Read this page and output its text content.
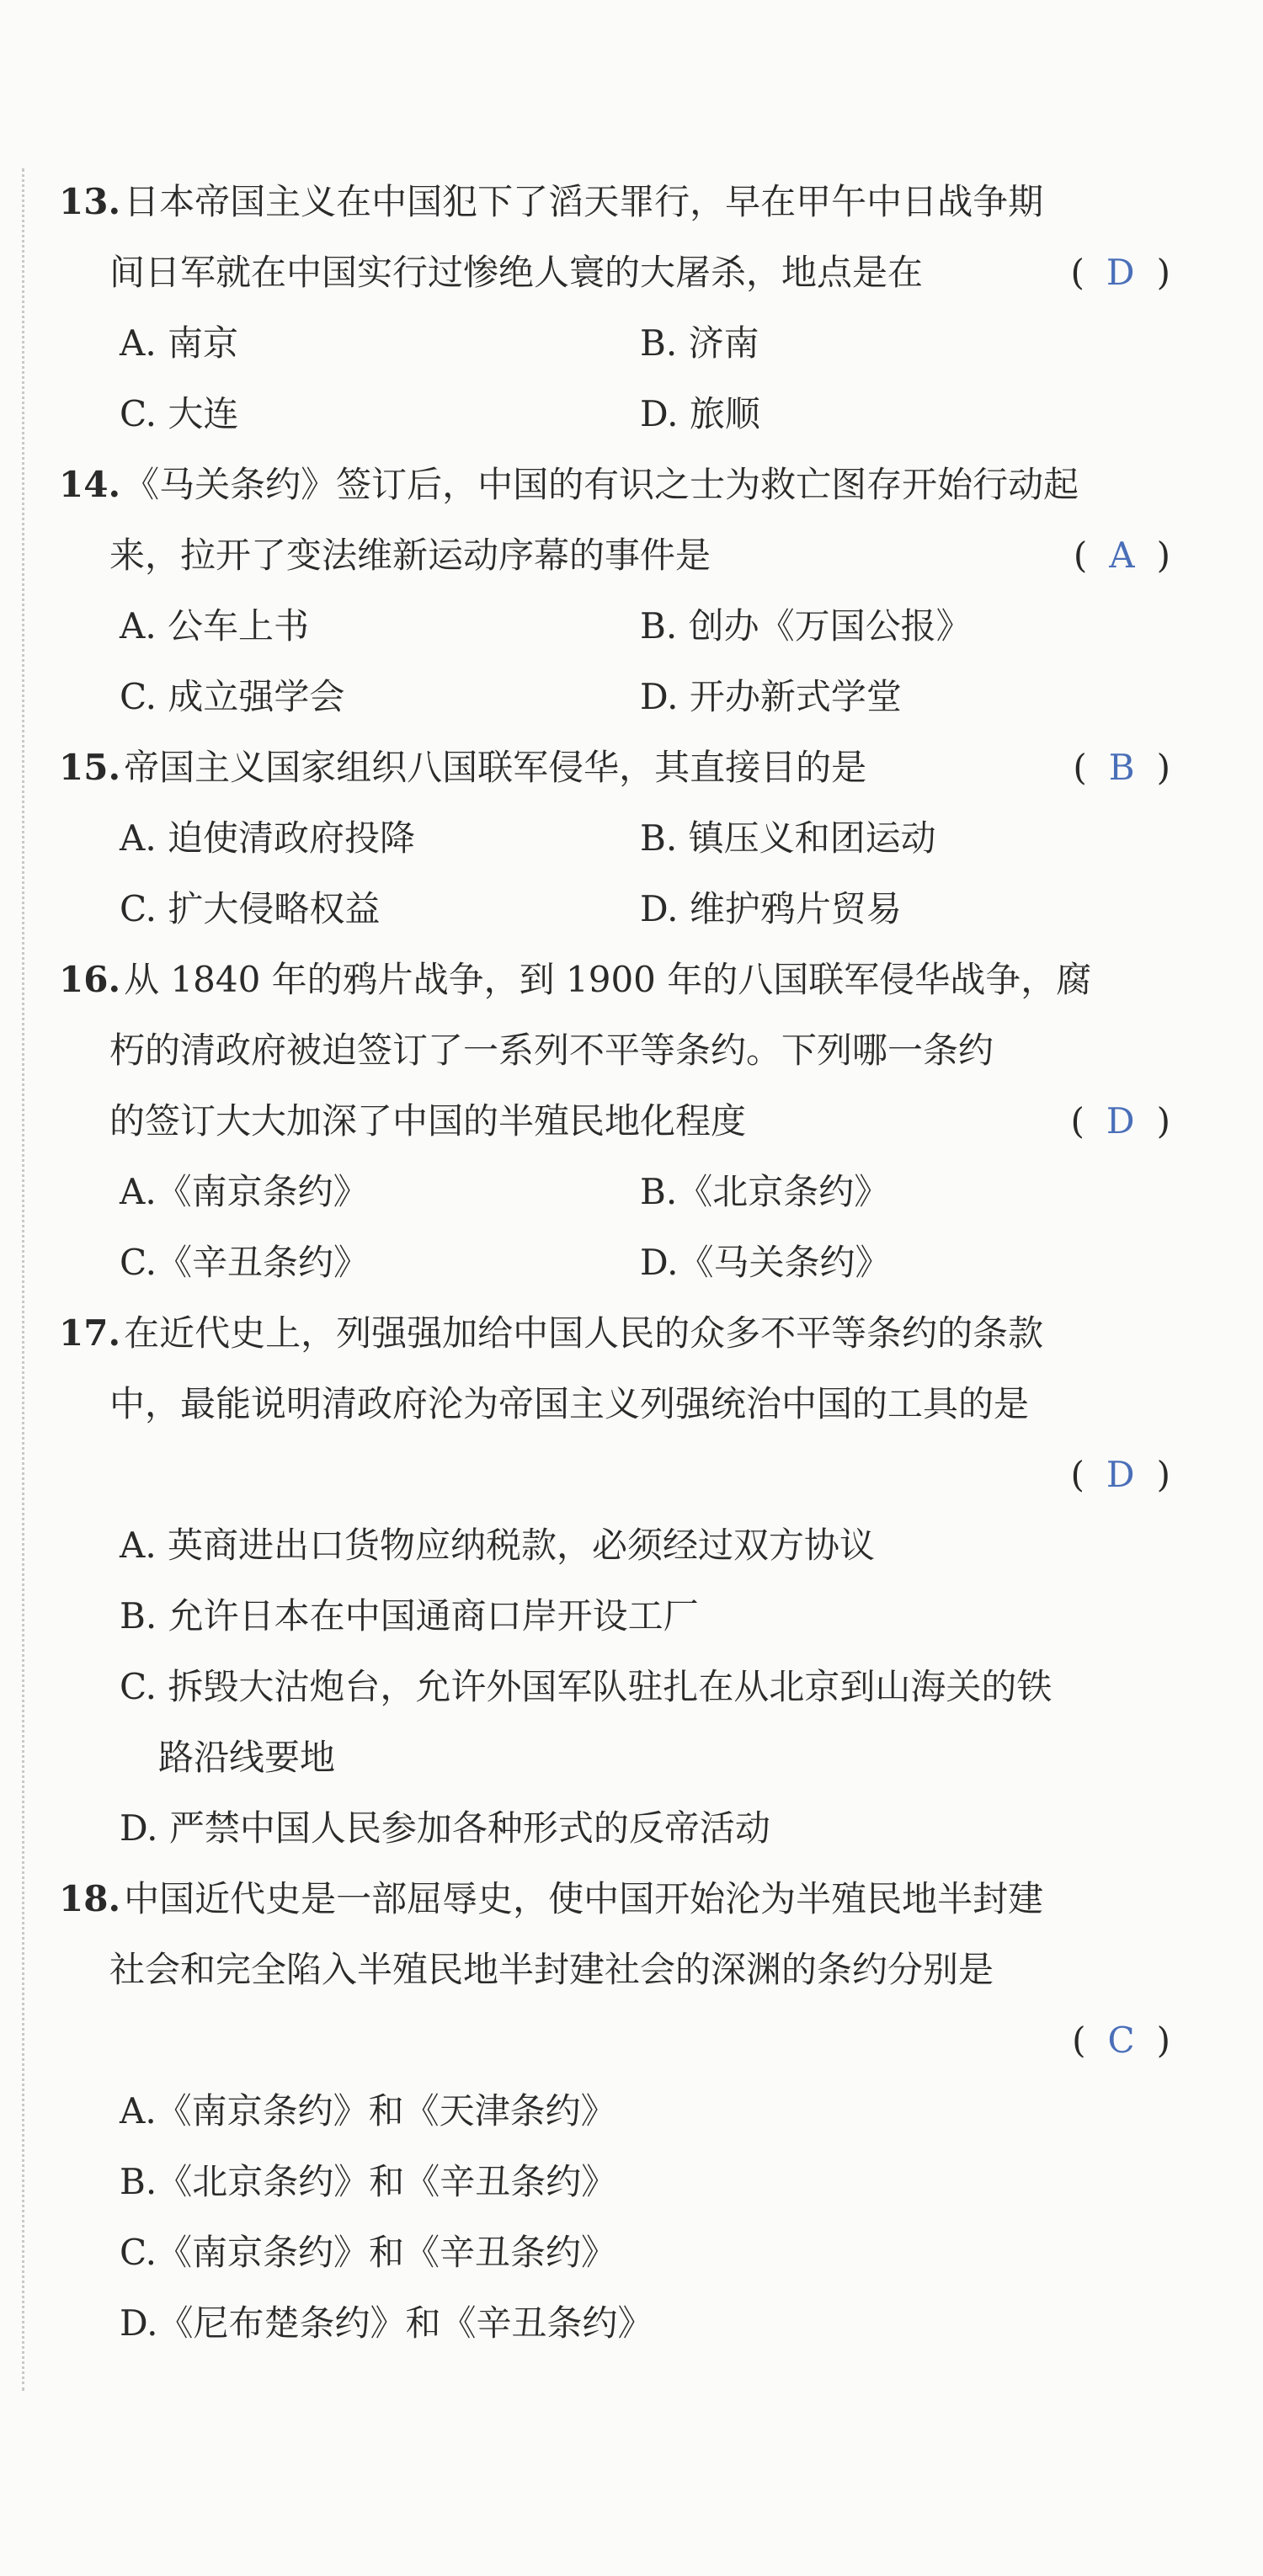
13.日本帝国主义在中国犯下了滔天罪行，早在甲午中日战争期
间日军就在中国实行过惨绝人寰的大屠杀，地点是在	( D )
A. 南京	B. 济南
C. 大连	D. 旅顺
14.《马关条约》签订后，中国的有识之士为救亡图存开始行动起
来，拉开了变法维新运动序幕的事件是	( A )
A. 公车上书	B. 创办《万国公报》
C. 成立强学会	D. 开办新式学堂
15.帝国主义国家组织八国联军侵华，其直接目的是	( B )
A. 迫使清政府投降	B. 镇压义和团运动
C. 扩大侵略权益	D. 维护鸦片贸易
16.从 1840 年的鸦片战争，到 1900 年的八国联军侵华战争，腐
朽的清政府被迫签订了一系列不平等条约。下列哪一条约
的签订大大加深了中国的半殖民地化程度	( D )
A.《南京条约》	B.《北京条约》
C.《辛丑条约》	D.《马关条约》
17.在近代史上，列强强加给中国人民的众多不平等条约的条款
中，最能说明清政府沦为帝国主义列强统治中国的工具的是
( D )
A. 英商进出口货物应纳税款，必须经过双方协议
B. 允许日本在中国通商口岸开设工厂
C. 拆毁大沽炮台，允许外国军队驻扎在从北京到山海关的铁
路沿线要地
D. 严禁中国人民参加各种形式的反帝活动
18.中国近代史是一部屈辱史，使中国开始沦为半殖民地半封建
社会和完全陷入半殖民地半封建社会的深渊的条约分别是
( C )
A.《南京条约》和《天津条约》
B.《北京条约》和《辛丑条约》
C.《南京条约》和《辛丑条约》
D.《尼布楚条约》和《辛丑条约》
